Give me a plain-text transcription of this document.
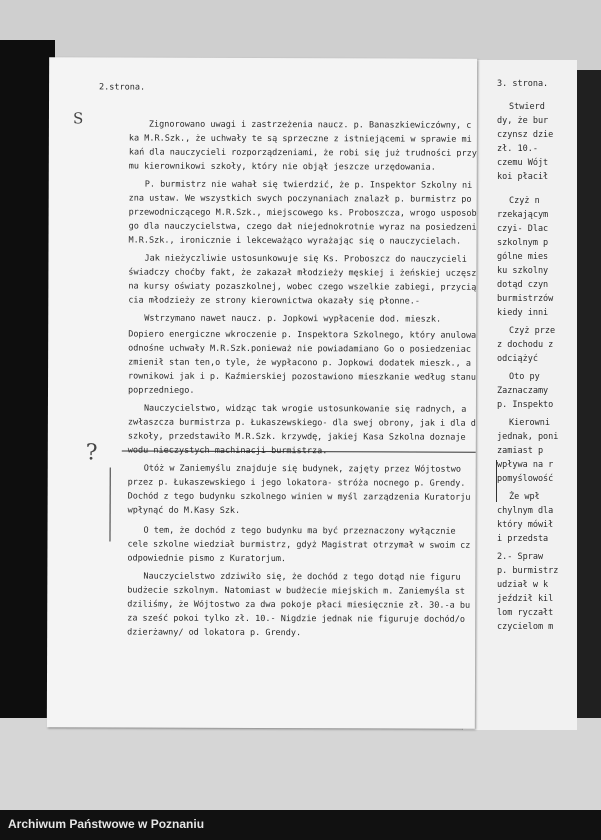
3. strona.
Stwierd
dy, że bur
czynsz dzie
zł. 10.-
czemu Wójt
koi płacił
Czyż n
rzekającym
czyi- Dlac
szkolnym p
gólne mies
ku szkolny
dotąd czyn
burmistrzów
kiedy inni
Czyż prze
z dochodu z
odciążyć
Oto py
Zaznaczamy
p. Inspekto
Kierowni
jednak, poni
zamiast p
wpływa na r
pomyślowość
Że wpł
chylnym dla
który mówił
i przedsta
2.- Spraw
p. burmistrz
udział w k
jeździł kil
lom ryczałt
czycielom m
2.strona.
S
?
Zignorowano uwagi i zastrzeżenia naucz. p. Banaszkiewiczówny, c
ka M.R.Szk., że uchwały te są sprzeczne z istniejącemi w sprawie mi
kań dla nauczycieli rozporządzeniami, że robi się już trudności przy
mu kierownikowi szkoły, który nie objął jeszcze urzędowania.
P. burmistrz nie wahał się twierdzić, że p. Inspektor Szkolny ni
zna ustaw. We wszystkich swych poczynaniach znalazł p. burmistrz po
przewodniczącego M.R.Szk., miejscowego ks. Proboszcza, wrogo usposob
go dla nauczycielstwa, czego dał niejednokrotnie wyraz na posiedzeni
M.R.Szk., ironicznie i lekceważąco wyrażając się o nauczycielach.
Jak nieżyczliwie ustosunkowuje się Ks. Proboszcz do nauczycieli
świadczy choćby fakt, że zakazał młodzieży męskiej i żeńskiej uczęsz
na kursy oświaty pozaszkolnej, wobec czego wszelkie zabiegi, przycią
cia młodzieży ze strony kierownictwa okazały się płonne.-
Wstrzymano nawet naucz. p. Jopkowi wypłacenie dod. mieszk.
Dopiero energiczne wkroczenie p. Inspektora Szkolnego, który anulowa
odnośne uchwały M.R.Szk.ponieważ nie powiadamiano Go o posiedzeniac
zmienił stan ten,o tyle, że wypłacono p. Jopkowi dodatek mieszk., a
rownikowi jak i p. Kaźmierskiej pozostawiono mieszkanie według stanu
poprzedniego.
Nauczycielstwo, widząc tak wrogie ustosunkowanie się radnych, a
zwłaszcza burmistrza p. Łukaszewskiego- dla swej obrony, jak i dla d
szkoły, przedstawiło M.R.Szk. krzywdę, jakiej Kasa Szkolna doznaje
wodu nieczystych machinacji burmistrza.
Otóż w Zaniemyślu znajduje się budynek, zajęty przez Wójtostwo
przez p. Łukaszewskiego i jego lokatora- stróża nocnego p. Grendy.
Dochód z tego budynku szkolnego winien w myśl zarządzenia Kuratorju
wpłynąć do M.Kasy Szk.
O tem, że dochód z tego budynku ma być przeznaczony wyłącznie
cele szkolne wiedział burmistrz, gdyż Magistrat otrzymał w swoim cz
odpowiednie pismo z Kuratorjum.
Nauczycielstwo zdziwiło się, że dochód z tego dotąd nie figuru
budżecie szkolnym. Natomiast w budżecie miejskich m. Zaniemyśla st
dziliśmy, że Wójtostwo za dwa pokoje płaci miesięcznie zł. 30.-a bu
za sześć pokoi tylko zł. 10.- Nigdzie jednak nie figuruje dochód/o
dzierżawny/ od lokatora p. Grendy.
Archiwum Państwowe w Poznaniu
